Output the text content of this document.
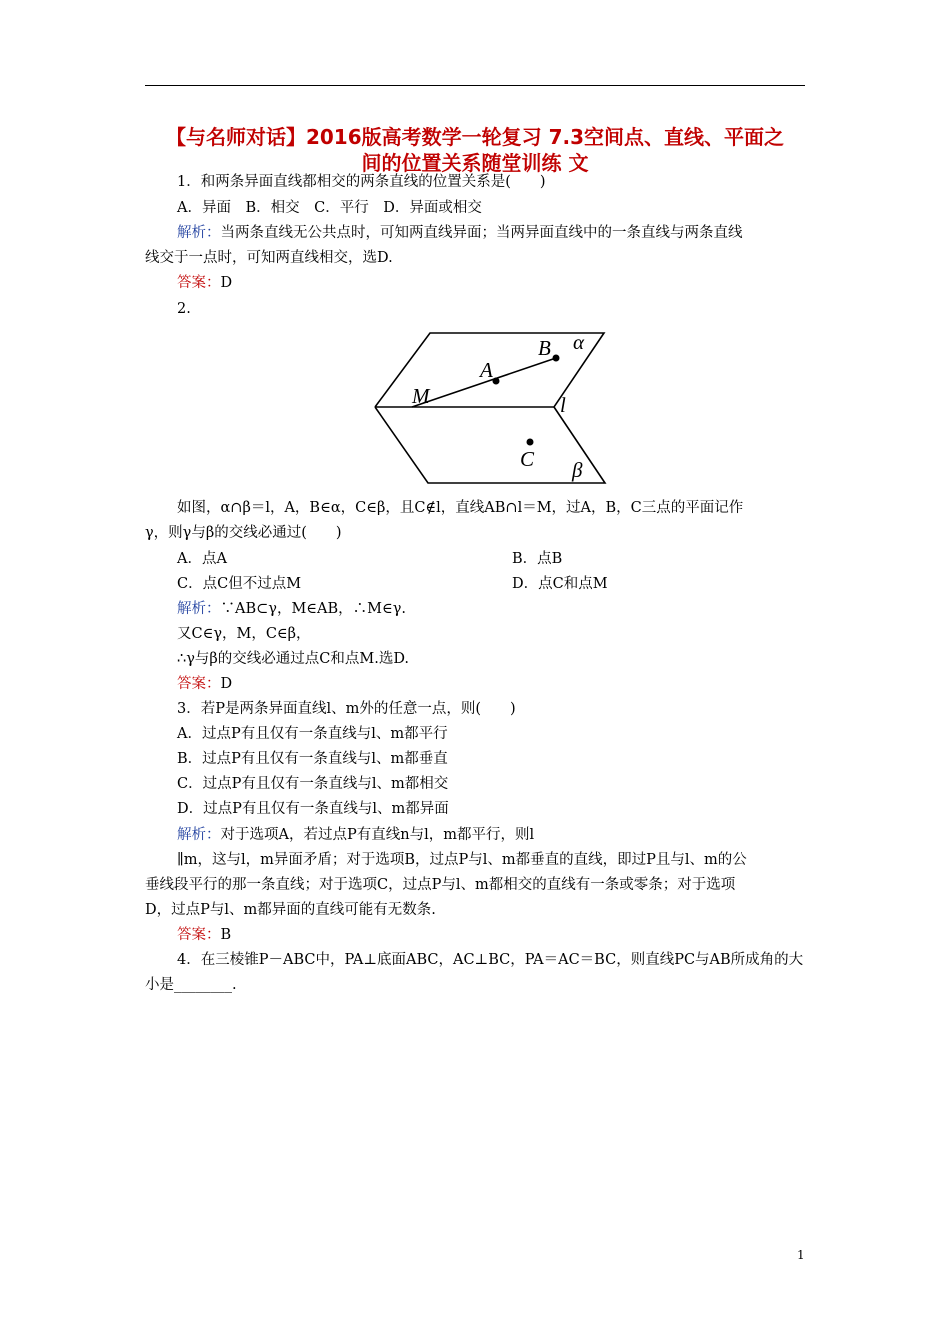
【与名师对话】2016版高考数学一轮复习 7.3空间点、直线、平面之
间的位置关系随堂训练 文
1．和两条异面直线都相交的两条直线的位置关系是(　　)
A．异面　B．相交　C．平行　D．异面或相交
解析：当两条直线无公共点时，可知两直线异面；当两异面直线中的一条直线与两条直线
线交于一点时，可知两直线相交，选D.
答案：D
2.
B α
A
M	l
C β
如图，α∩β＝l，A，B∈α，C∈β，且C∉l，直线AB∩l＝M，过A，B，C三点的平面记作
γ，则γ与β的交线必通过(　　)
A．点A	B．点B
C．点C但不过点M	D．点C和点M
解析：∵AB⊂γ，M∈AB，∴M∈γ.
又C∈γ，M，C∈β，
∴γ与β的交线必通过点C和点M.选D.
答案：D
3．若P是两条异面直线l、m外的任意一点，则(　　)
A．过点P有且仅有一条直线与l、m都平行
B．过点P有且仅有一条直线与l、m都垂直
C．过点P有且仅有一条直线与l、m都相交
D．过点P有且仅有一条直线与l、m都异面
解析：对于选项A，若过点P有直线n与l，m都平行，则l
∥m，这与l，m异面矛盾；对于选项B，过点P与l、m都垂直的直线，即过P且与l、m的公
垂线段平行的那一条直线；对于选项C，过点P与l、m都相交的直线有一条或零条；对于选项
D，过点P与l、m都异面的直线可能有无数条.
答案：B
4．在三棱锥P－ABC中，PA⊥底面ABC，AC⊥BC，PA＝AC＝BC，则直线PC与AB所成角的大
小是________.
1
